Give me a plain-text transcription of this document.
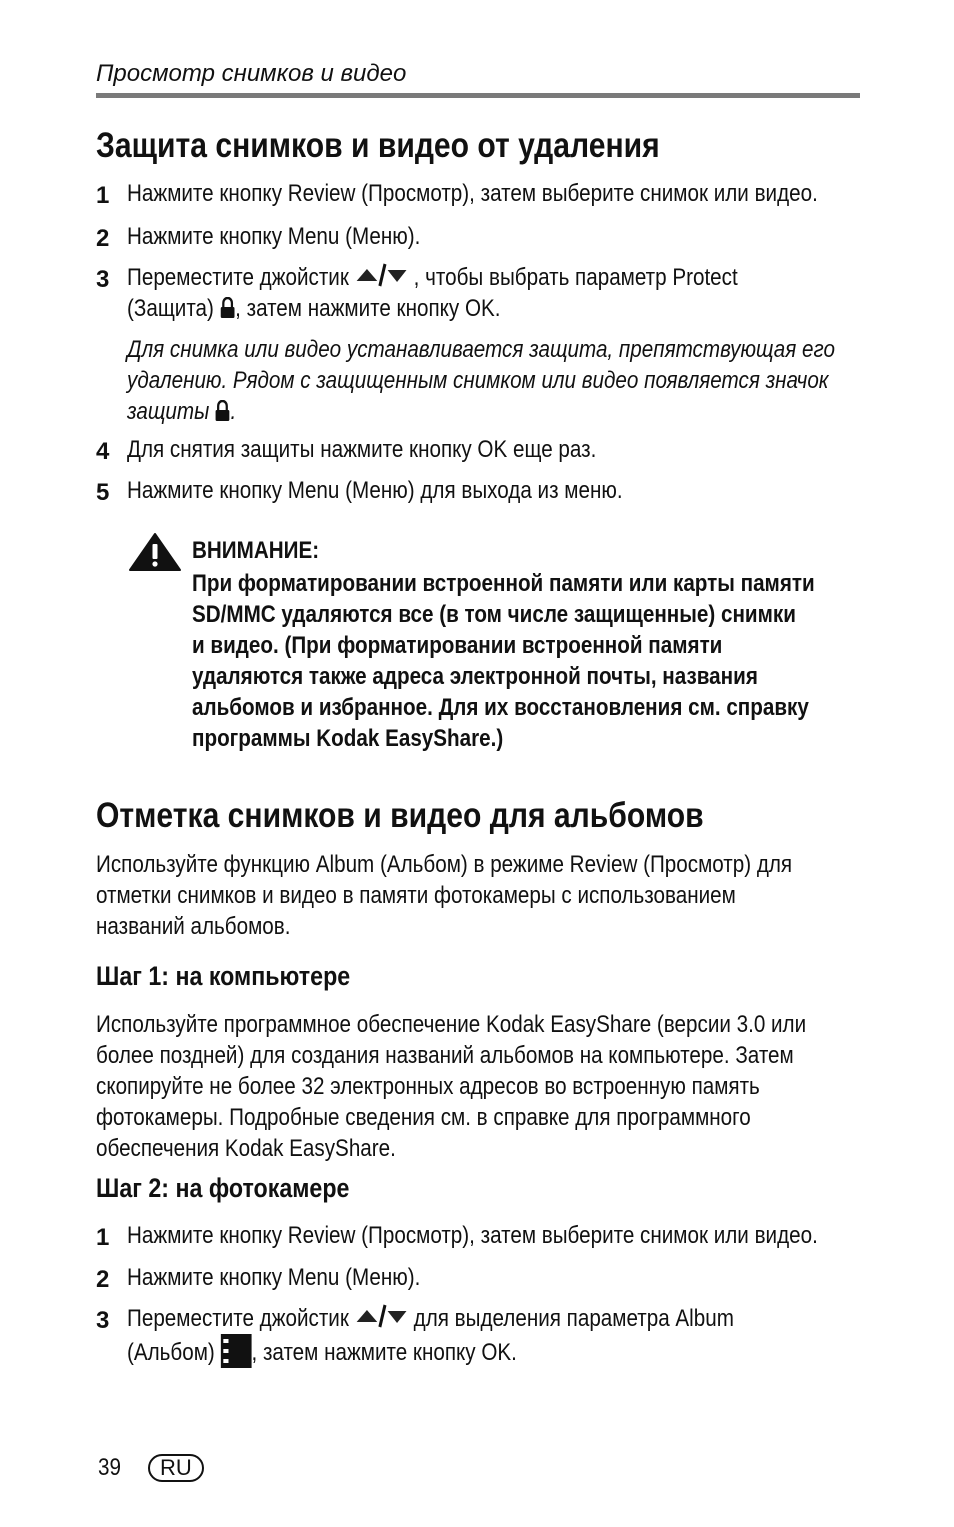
Просмотр снимков и видео
Защита снимков и видео от удаления
1 Нажмите кнопку Review (Просмотр), затем выберите снимок или видео.
2 Нажмите кнопку Menu (Меню).
3 Переместите джойстик	, чтобы выбрать параметр Protect
(Защита) , затем нажмите кнопку OK.
Для снимка или видео устанавливается защита, препятствующая его
удалению. Рядом с защищенным снимком или видео появляется значок
защиты .
4 Для снятия защиты нажмите кнопку OK еще раз.
5 Нажмите кнопку Menu (Меню) для выхода из меню.
ВНИМАНИЕ:
При форматировании встроенной памяти или карты памяти
SD/MMC удаляются все (в том числе защищенные) снимки
и видео. (При форматировании встроенной памяти
удаляются также адреса электронной почты, названия
альбомов и избранное. Для их восстановления см. справку
программы Kodak EasyShare.)
Отметка снимков и видео для альбомов
Используйте функцию Album (Альбом) в режиме Review (Просмотр) для
отметки снимков и видео в памяти фотокамеры с использованием
названий альбомов.
Шаг 1: на компьютере
Используйте программное обеспечение Kodak EasyShare (версии 3.0 или
более поздней) для создания названий альбомов на компьютере. Затем
скопируйте не более 32 электронных адресов во встроенную память
фотокамеры. Подробные сведения см. в справке для программного
обеспечения Kodak EasyShare.
Шаг 2: на фотокамере
1 Нажмите кнопку Review (Просмотр), затем выберите снимок или видео.
2 Нажмите кнопку Menu (Меню).
3 Переместите джойстик	для выделения параметра Album
(Альбом) , затем нажмите кнопку OK.
39	RU
